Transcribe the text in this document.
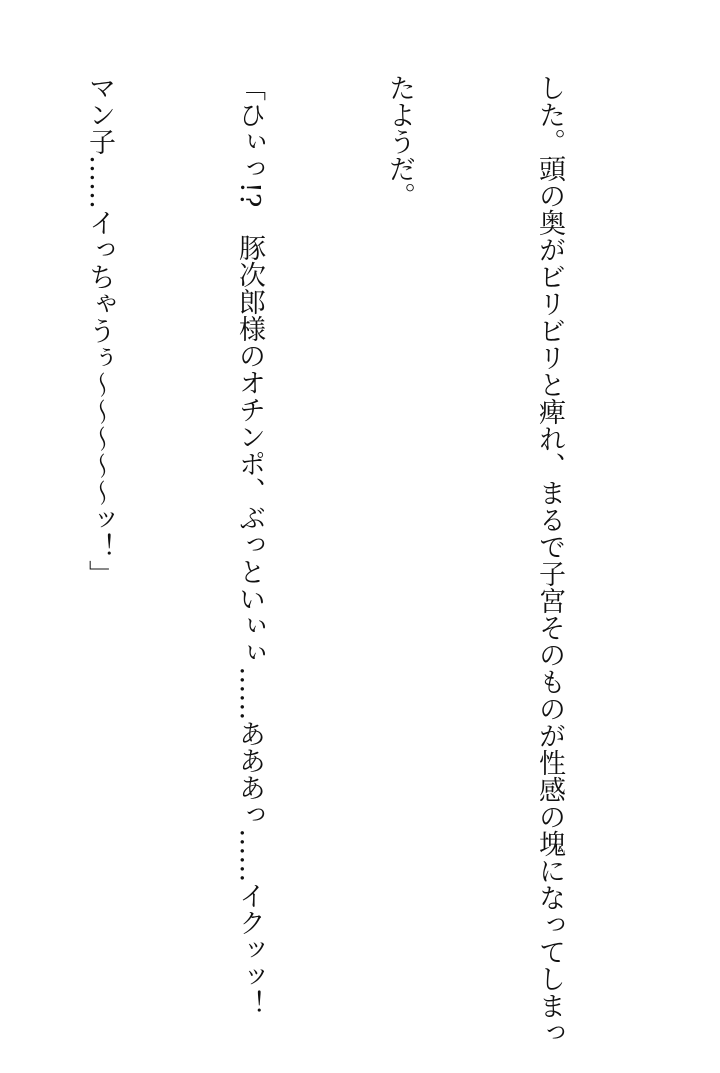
した。頭の奥がビリビリと痺れ、まるで子宮そのものが性感の塊になってしまっ

たようだ。

「ひぃっ!?　豚次郎様のオチンポ、ぶっといぃぃ……あああっ……イクッッ！

マン子……イっちゃうぅ～～～～～ッ！」
